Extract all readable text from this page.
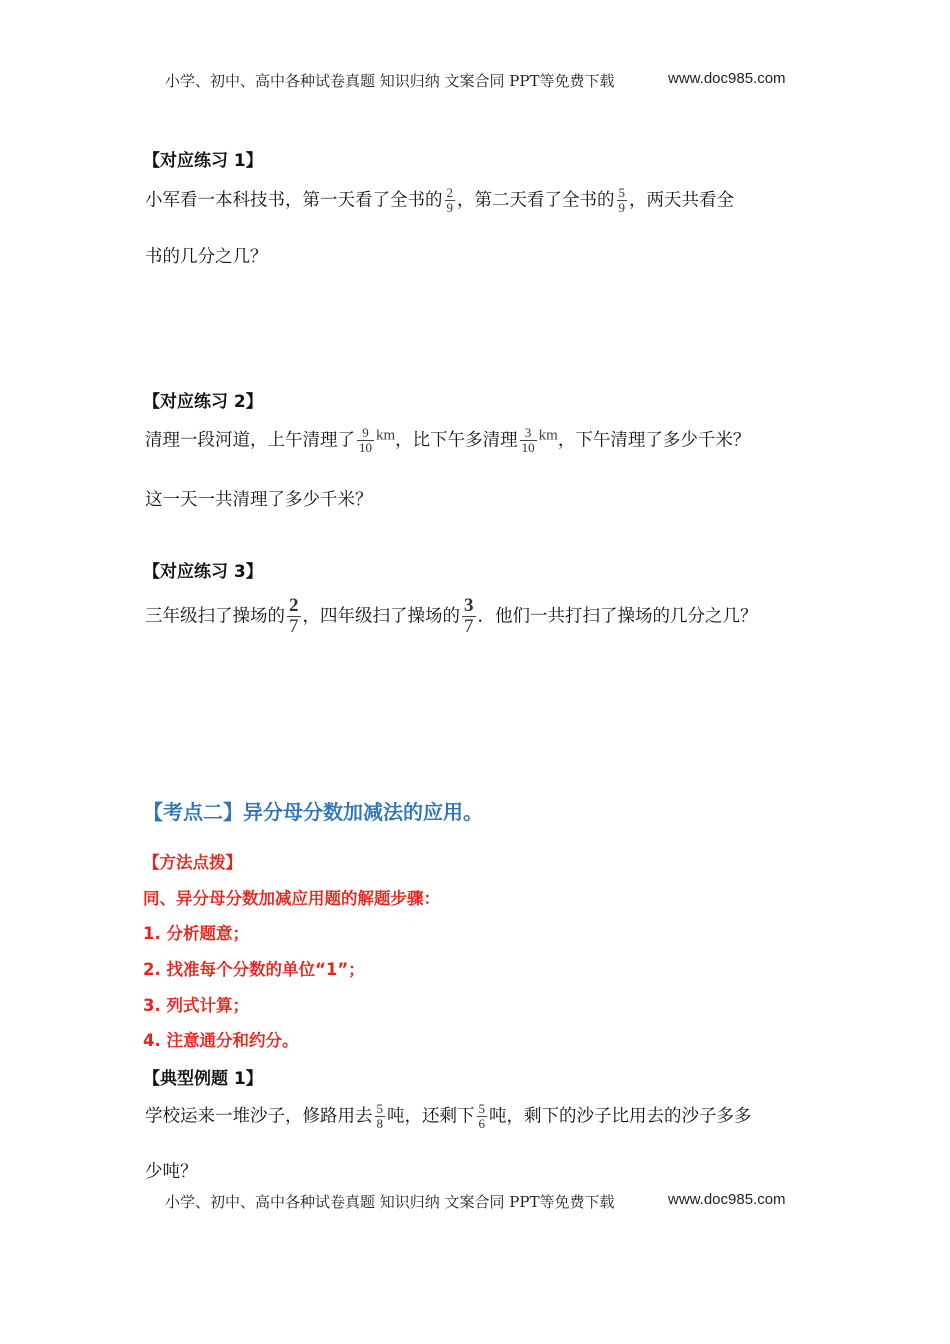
小学、初中、高中各种试卷真题 知识归纳 文案合同 PPT等免费下载	www.doc985.com
【对应练习 1】
小军看一本科技书，第一天看了全书的 $\frac{2}{9}$ ，第二天看了全书的 $\frac{5}{9}$ ，两天共看全
书的几分之几？
【对应练习 2】
清理一段河道，上午清理了 $\frac{9}{10}$ km，比下午多清理 $\frac{3}{10}$ km，下午清理了多少千米？
这一天一共清理了多少千米？
【对应练习 3】
三年级扫了操场的 $\frac{2}{7}$ ，四年级扫了操场的 $\frac{3}{7}$ ．他们一共打扫了操场的几分之几？
【考点二】异分母分数加减法的应用。
【方法点拨】
同、异分母分数加减应用题的解题步骤：
1. 分析题意；
2. 找准每个分数的单位“1”；
3. 列式计算；
4. 注意通分和约分。
【典型例题 1】
学校运来一堆沙子，修路用去 $\frac{5}{8}$ 吨，还剩下 $\frac{5}{6}$ 吨，剩下的沙子比用去的沙子多多
少吨？
小学、初中、高中各种试卷真题 知识归纳 文案合同 PPT等免费下载	www.doc985.com
